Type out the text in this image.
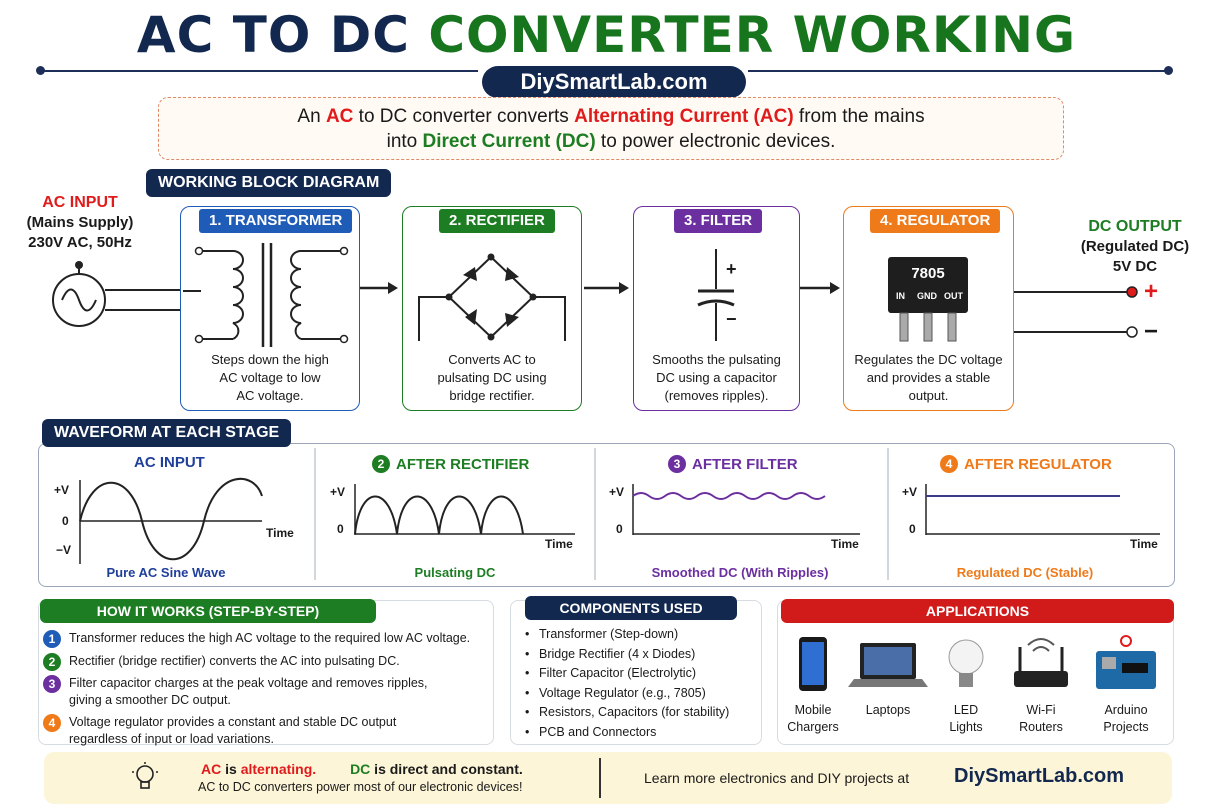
AC TO DC CONVERTER WORKING
DiySmartLab.com
An AC to DC converter converts Alternating Current (AC) from the mains
into Direct Current (DC) to power electronic devices.
WORKING BLOCK DIAGRAM
AC INPUT
(Mains Supply)
230V AC, 50Hz
DC OUTPUT
(Regulated DC)
5V DC
+
−
1. TRANSFORMER
Steps down the high
AC voltage to low
AC voltage.
2. RECTIFIER
Converts AC to
pulsating DC using
bridge rectifier.
3. FILTER
+
−
Smooths the pulsating
DC using a capacitor
(removes ripples).
4. REGULATOR
7805
IN GND OUT
Regulates the DC voltage
and provides a stable
output.
WAVEFORM AT EACH STAGE
AC INPUT
+V
0
−V
Time
Pure AC Sine Wave
2 AFTER RECTIFIER
+V
0
Time
Pulsating DC
3 AFTER FILTER
+V
0
Time
Smoothed DC (With Ripples)
4 AFTER REGULATOR
+V
0
Time
Regulated DC (Stable)

1	Transformer reduces the high AC voltage to the required low AC voltage.

2	Rectifier (bridge rectifier) converts the AC into pulsating DC.

3	Filter capacitor charges at the peak voltage and removes ripples,
giving a smoother DC output.

4	Voltage regulator provides a constant and stable DC output
regardless of input or load variations.

HOW IT WORKS (STEP-BY-STEP)
• Transformer (Step-down)
• Bridge Rectifier (4 x Diodes)
• Filter Capacitor (Electrolytic)
• Voltage Regulator (e.g., 7805)
• Resistors, Capacitors (for stability)
• PCB and Connectors
COMPONENTS USED
Mobile
Chargers
Laptops	LED
Lights
Wi-Fi
Routers
Arduino
Projects
APPLICATIONS
AC is alternating. DC is direct and constant.
AC to DC converters power most of our electronic devices!
Learn more electronics and DIY projects at DiySmartLab.com
